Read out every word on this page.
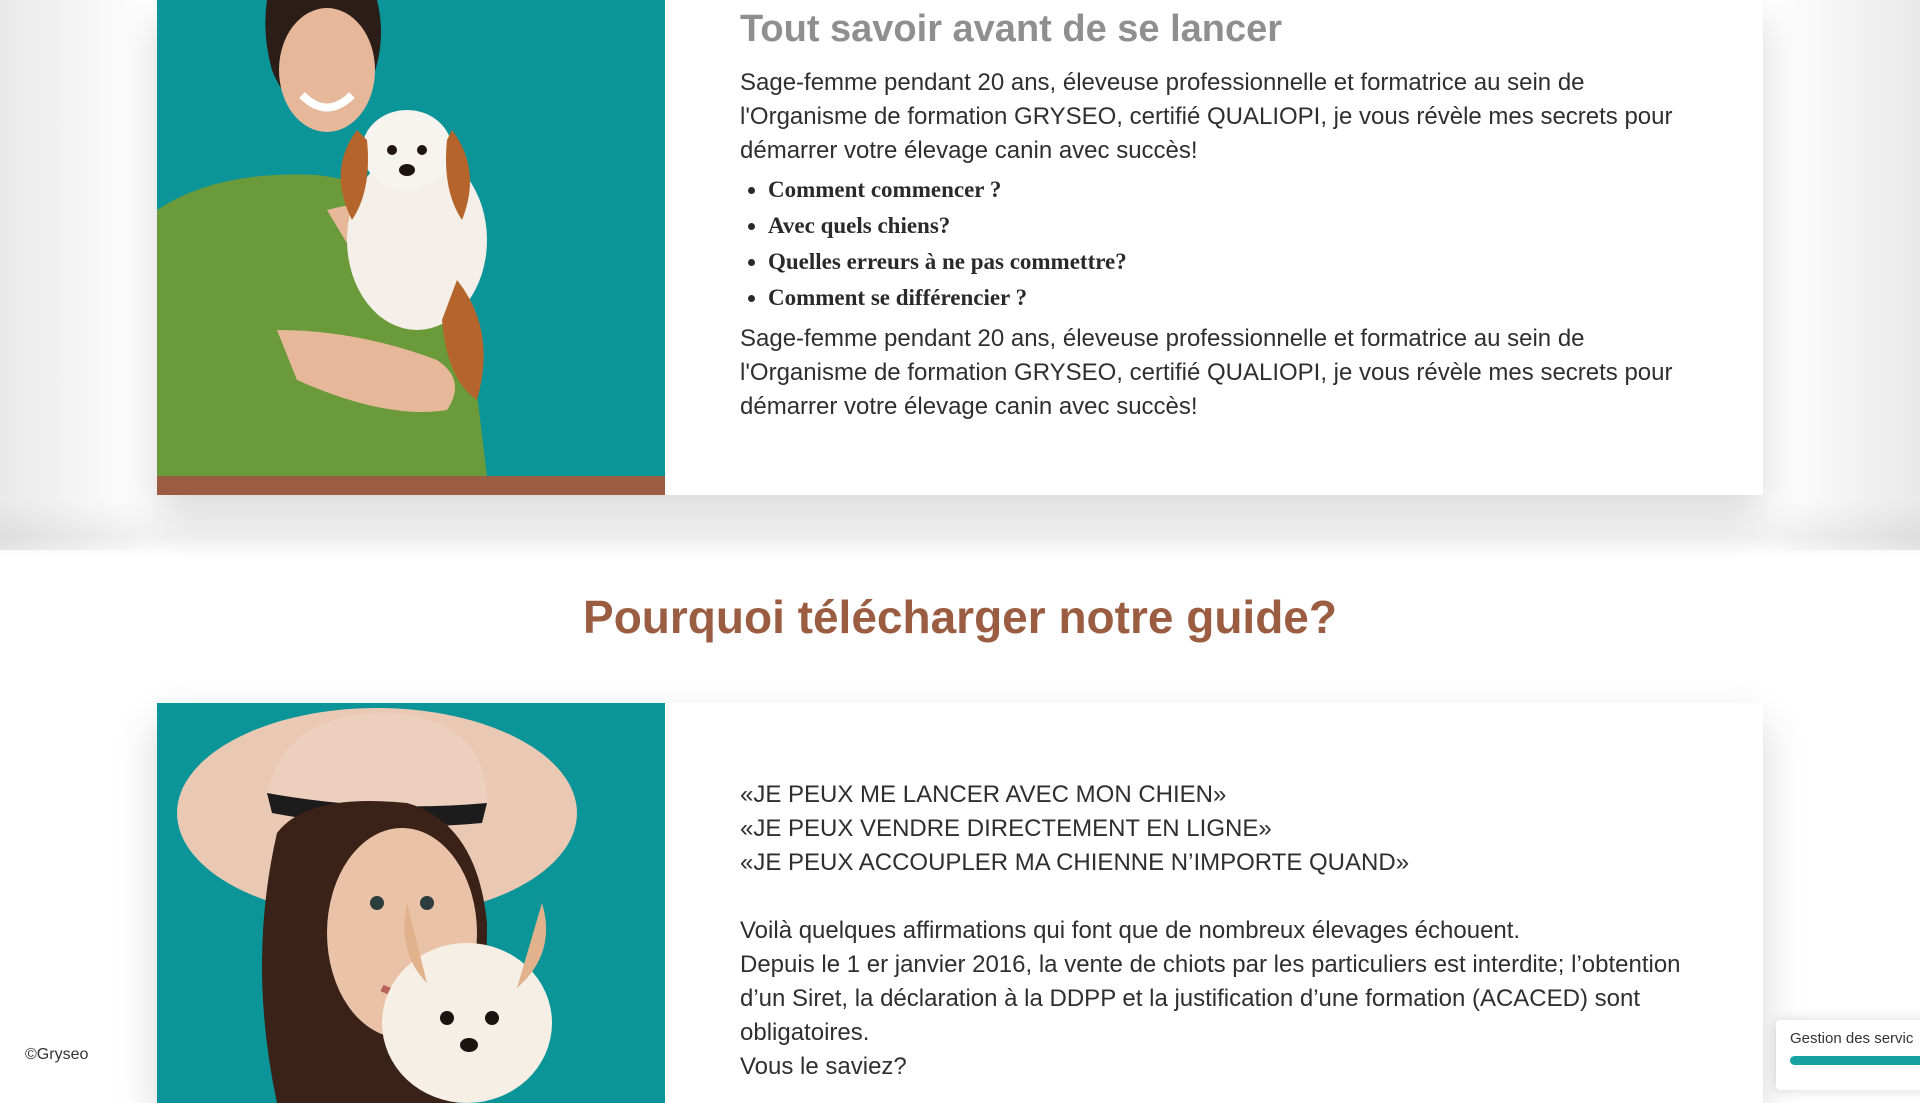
Tout savoir avant de se lancer

Sage-femme pendant 20 ans, éleveuse professionnelle et formatrice au sein de l'Organisme de formation GRYSEO, certifié QUALIOPI, je vous révèle mes secrets pour démarrer votre élevage canin avec succès!

• Comment commencer ?
• Avec quels chiens?
• Quelles erreurs à ne pas commettre?
• Comment se différencier ?

Sage-femme pendant 20 ans, éleveuse professionnelle et formatrice au sein de l'Organisme de formation GRYSEO, certifié QUALIOPI, je vous révèle mes secrets pour démarrer votre élevage canin avec succès!

Pourquoi télécharger notre guide?
«JE PEUX ME LANCER AVEC MON CHIEN»
«JE PEUX VENDRE DIRECTEMENT EN LIGNE»
«JE PEUX ACCOUPLER MA CHIENNE N’IMPORTE QUAND»

Voilà quelques affirmations qui font que de nombreux élevages échouent.

Depuis le 1 er janvier 2016, la vente de chiots par les particuliers est interdite; l’obtention d’un Siret, la déclaration à la DDPP et la justification d’une formation (ACACED) sont obligatoires.

Vous le saviez?

©Gryseo
Gestion des servic
